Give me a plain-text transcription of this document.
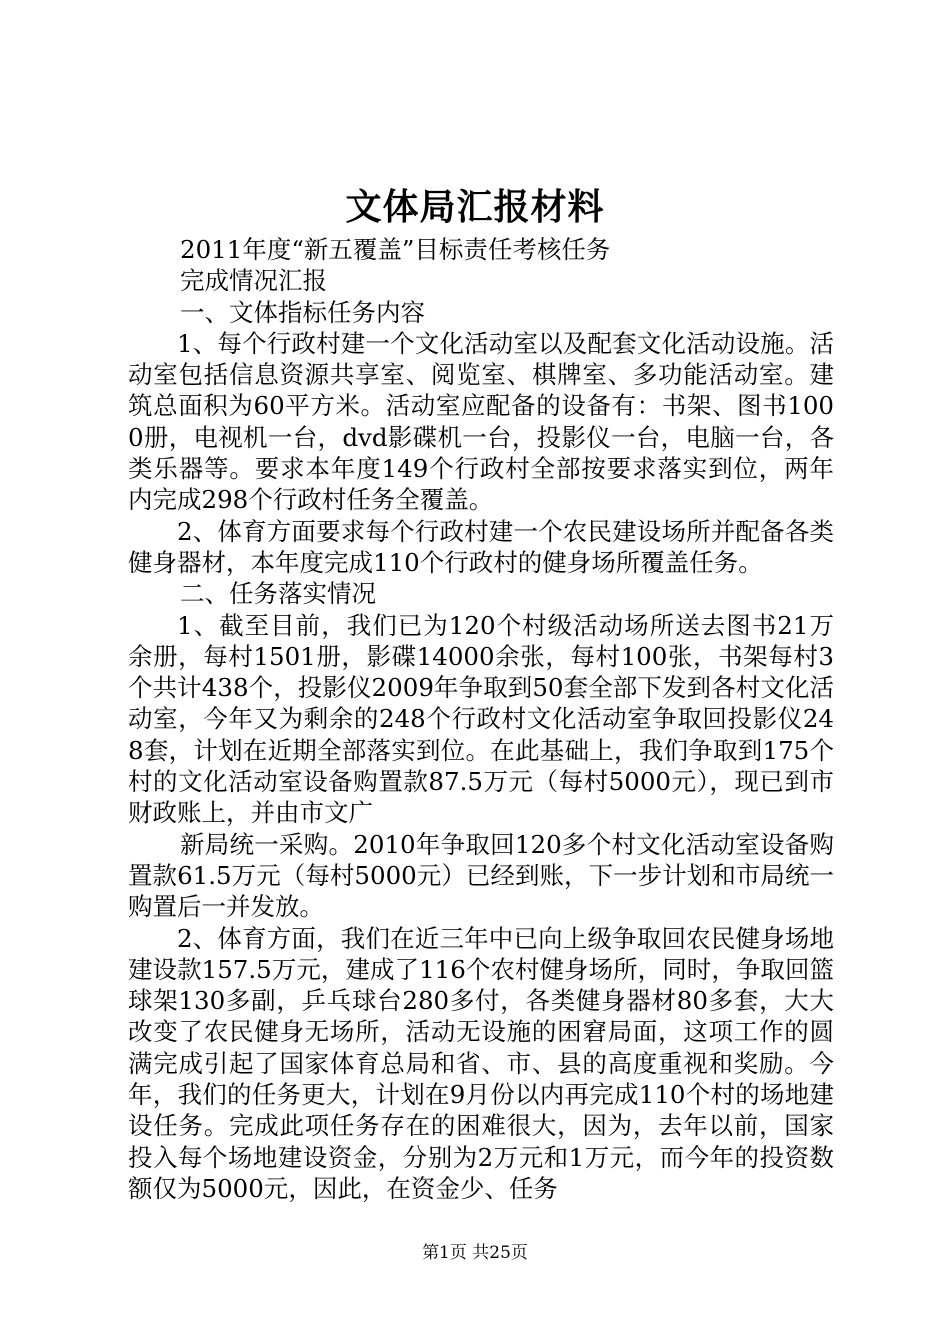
文体局汇报材料

2011年度“新五覆盖”目标责任考核任务

完成情况汇报

一、文体指标任务内容

1、每个行政村建一个文化活动室以及配套文化活动设施。活动室包括信息资源共享室、阅览室、棋牌室、多功能活动室。建筑总面积为60平方米。活动室应配备的设备有：书架、图书1000册，电视机一台，dvd影碟机一台，投影仪一台，电脑一台，各类乐器等。要求本年度149个行政村全部按要求落实到位，两年内完成298个行政村任务全覆盖。

2、体育方面要求每个行政村建一个农民建设场所并配备各类健身器材，本年度完成110个行政村的健身场所覆盖任务。

二、任务落实情况

1、截至目前，我们已为120个村级活动场所送去图书21万余册，每村1501册，影碟14000余张，每村100张，书架每村3个共计438个，投影仪2009年争取到50套全部下发到各村文化活动室，今年又为剩余的248个行政村文化活动室争取回投影仪248套，计划在近期全部落实到位。在此基础上，我们争取到175个村的文化活动室设备购置款87.5万元（每村5000元），现已到市财政账上，并由市文广

新局统一采购。2010年争取回120多个村文化活动室设备购置款61.5万元（每村5000元）已经到账，下一步计划和市局统一购置后一并发放。

2、体育方面，我们在近三年中已向上级争取回农民健身场地建设款157.5万元，建成了116个农村健身场所，同时，争取回篮球架130多副，乒乓球台280多付，各类健身器材80多套，大大改变了农民健身无场所，活动无设施的困窘局面，这项工作的圆满完成引起了国家体育总局和省、市、县的高度重视和奖励。今年，我们的任务更大，计划在9月份以内再完成110个村的场地建设任务。完成此项任务存在的困难很大，因为，去年以前，国家投入每个场地建设资金，分别为2万元和1万元，而今年的投资数额仅为5000元，因此，在资金少、任务

第1页 共25页
